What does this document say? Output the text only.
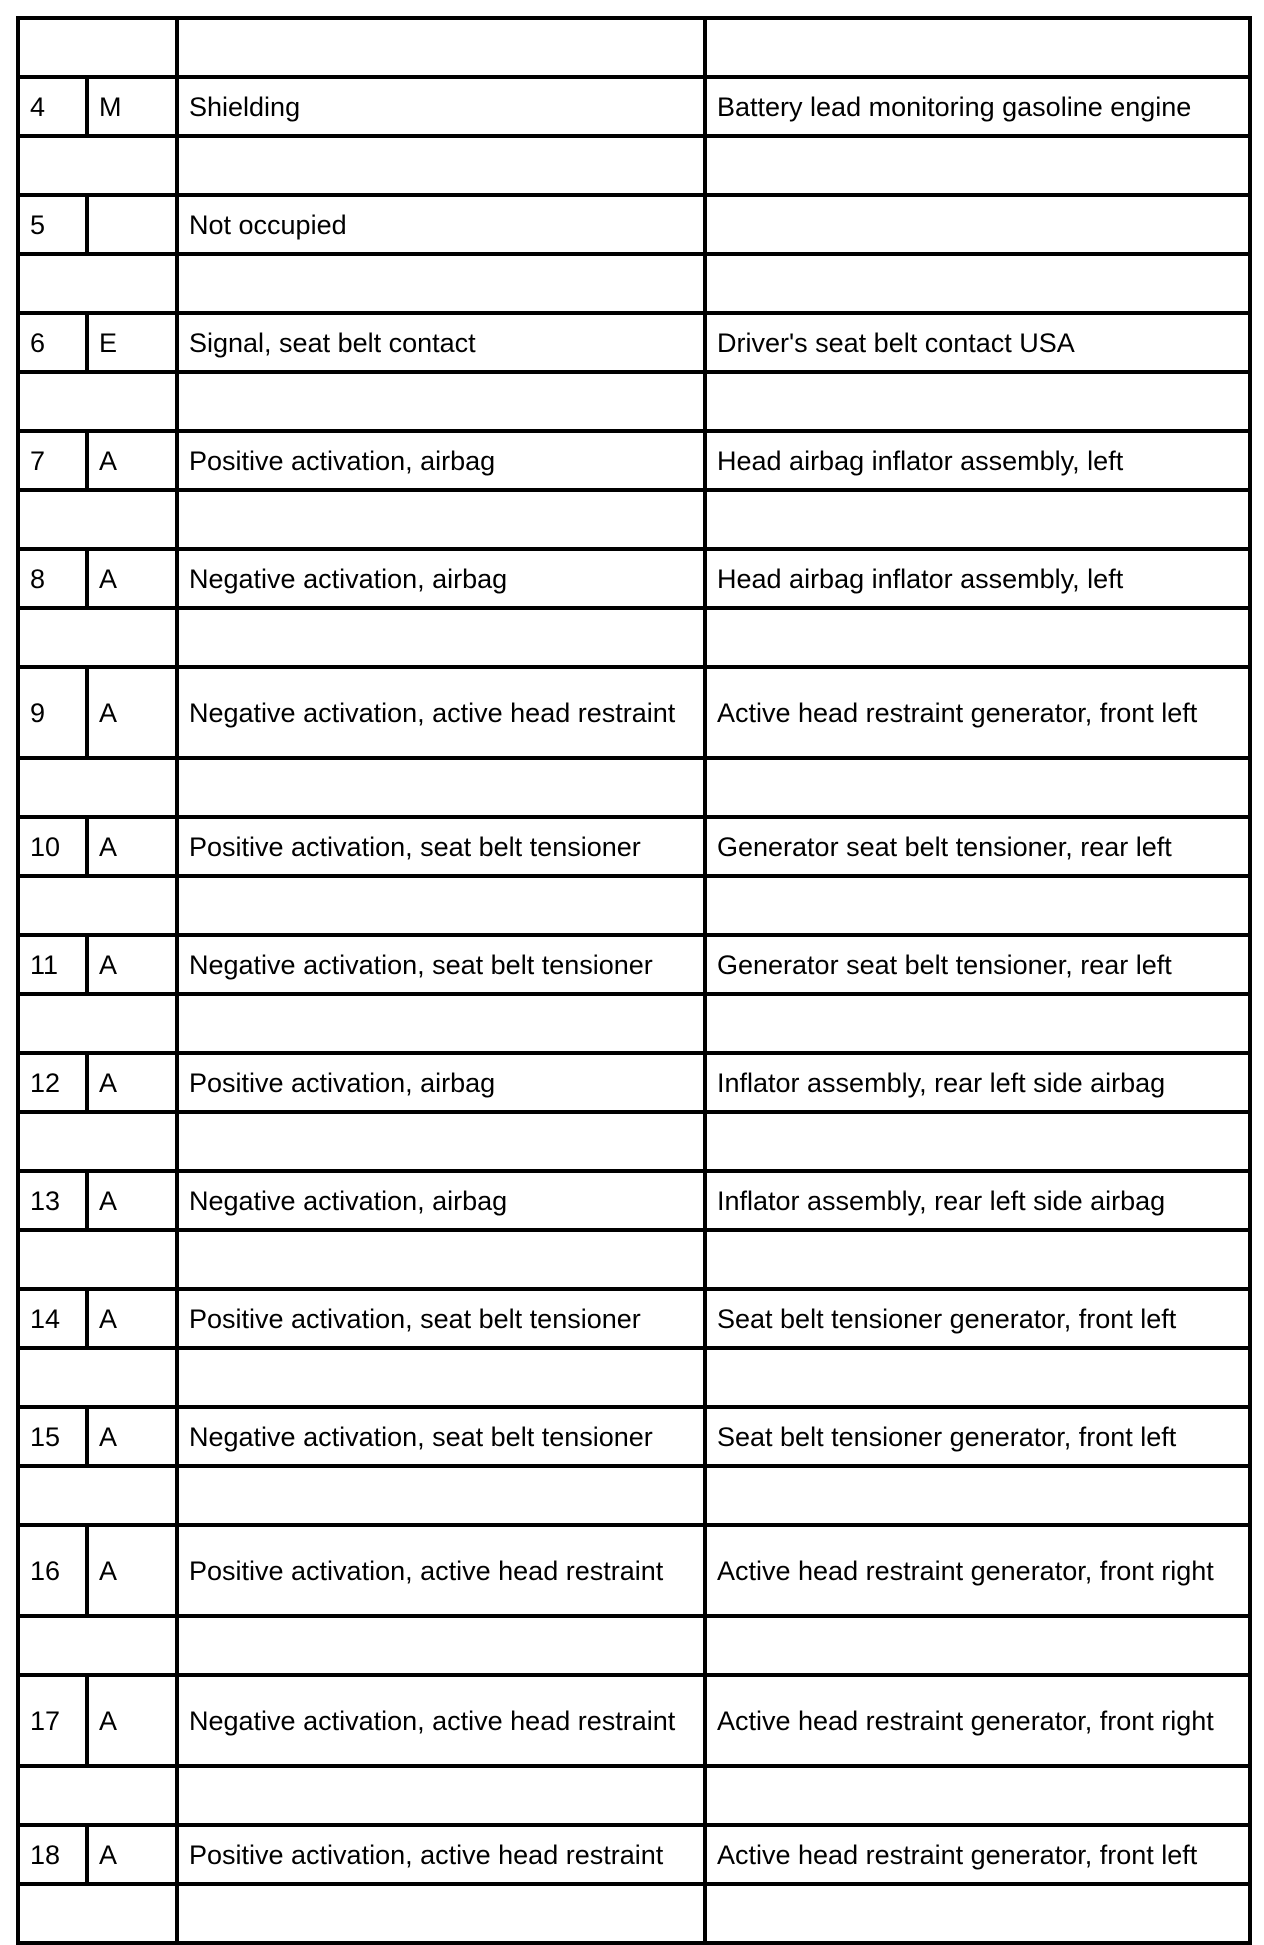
4	M	Shielding	Battery lead monitoring gasoline engine

5		Not occupied	

6	E	Signal, seat belt contact	Driver's seat belt contact USA

7	A	Positive activation, airbag	Head airbag inflator assembly, left

8	A	Negative activation, airbag	Head airbag inflator assembly, left

9	A	Negative activation, active head restraint	Active head restraint generator, front left

10	A	Positive activation, seat belt tensioner	Generator seat belt tensioner, rear left

11	A	Negative activation, seat belt tensioner	Generator seat belt tensioner, rear left

12	A	Positive activation, airbag	Inflator assembly, rear left side airbag

13	A	Negative activation, airbag	Inflator assembly, rear left side airbag

14	A	Positive activation, seat belt tensioner	Seat belt tensioner generator, front left

15	A	Negative activation, seat belt tensioner	Seat belt tensioner generator, front left

16	A	Positive activation, active head restraint	Active head restraint generator, front right

17	A	Negative activation, active head restraint	Active head restraint generator, front right

18	A	Positive activation, active head restraint	Active head restraint generator, front left
